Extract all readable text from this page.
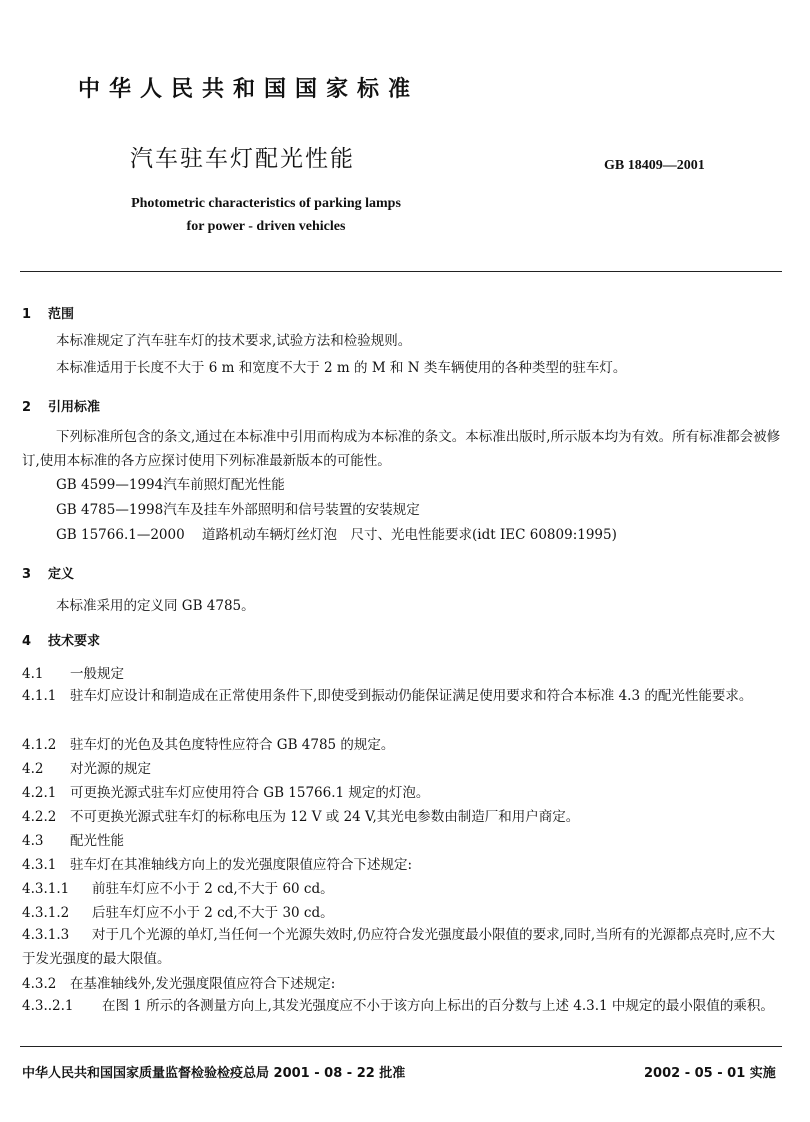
中华人民共和国国家标准
汽车驻车灯配光性能	GB 18409—2001
Photometric characteristics of parking lamps
for power - driven vehicles
1 范围
本标准规定了汽车驻车灯的技术要求,试验方法和检验规则。
本标准适用于长度不大于 6 m 和宽度不大于 2 m 的 M 和 N 类车辆使用的各种类型的驻车灯。
2 引用标准
下列标准所包含的条文,通过在本标准中引用而构成为本标准的条文。本标准出版时,所示版本均为有效。所有标准都会被修订,使用本标准的各方应探讨使用下列标准最新版本的可能性。
GB 4599—1994汽车前照灯配光性能
GB 4785—1998汽车及挂车外部照明和信号装置的安装规定
GB 15766.1—2000 道路机动车辆灯丝灯泡　尺寸、光电性能要求(idt IEC 60809:1995)
3 定义
本标准采用的定义同 GB 4785。
4 技术要求
4.1 一般规定
4.1.1 驻车灯应设计和制造成在正常使用条件下,即使受到振动仍能保证满足使用要求和符合本标准 4.3 的配光性能要求。
4.1.2 驻车灯的光色及其色度特性应符合 GB 4785 的规定。
4.2 对光源的规定
4.2.1 可更换光源式驻车灯应使用符合 GB 15766.1 规定的灯泡。
4.2.2 不可更换光源式驻车灯的标称电压为 12 V 或 24 V,其光电参数由制造厂和用户商定。
4.3 配光性能
4.3.1 驻车灯在其准轴线方向上的发光强度限值应符合下述规定:
4.3.1.1 前驻车灯应不小于 2 cd,不大于 60 cd。
4.3.1.2 后驻车灯应不小于 2 cd,不大于 30 cd。
4.3.1.3 对于几个光源的单灯,当任何一个光源失效时,仍应符合发光强度最小限值的要求,同时,当所有的光源都点亮时,应不大于发光强度的最大限值。
4.3.2 在基准轴线外,发光强度限值应符合下述规定:
4.3..2.1 在图 1 所示的各测量方向上,其发光强度应不小于该方向上标出的百分数与上述 4.3.1 中规定的最小限值的乘积。
中华人民共和国国家质量监督检验检疫总局 2001 - 08 - 22 批准	2002 - 05 - 01 实施
